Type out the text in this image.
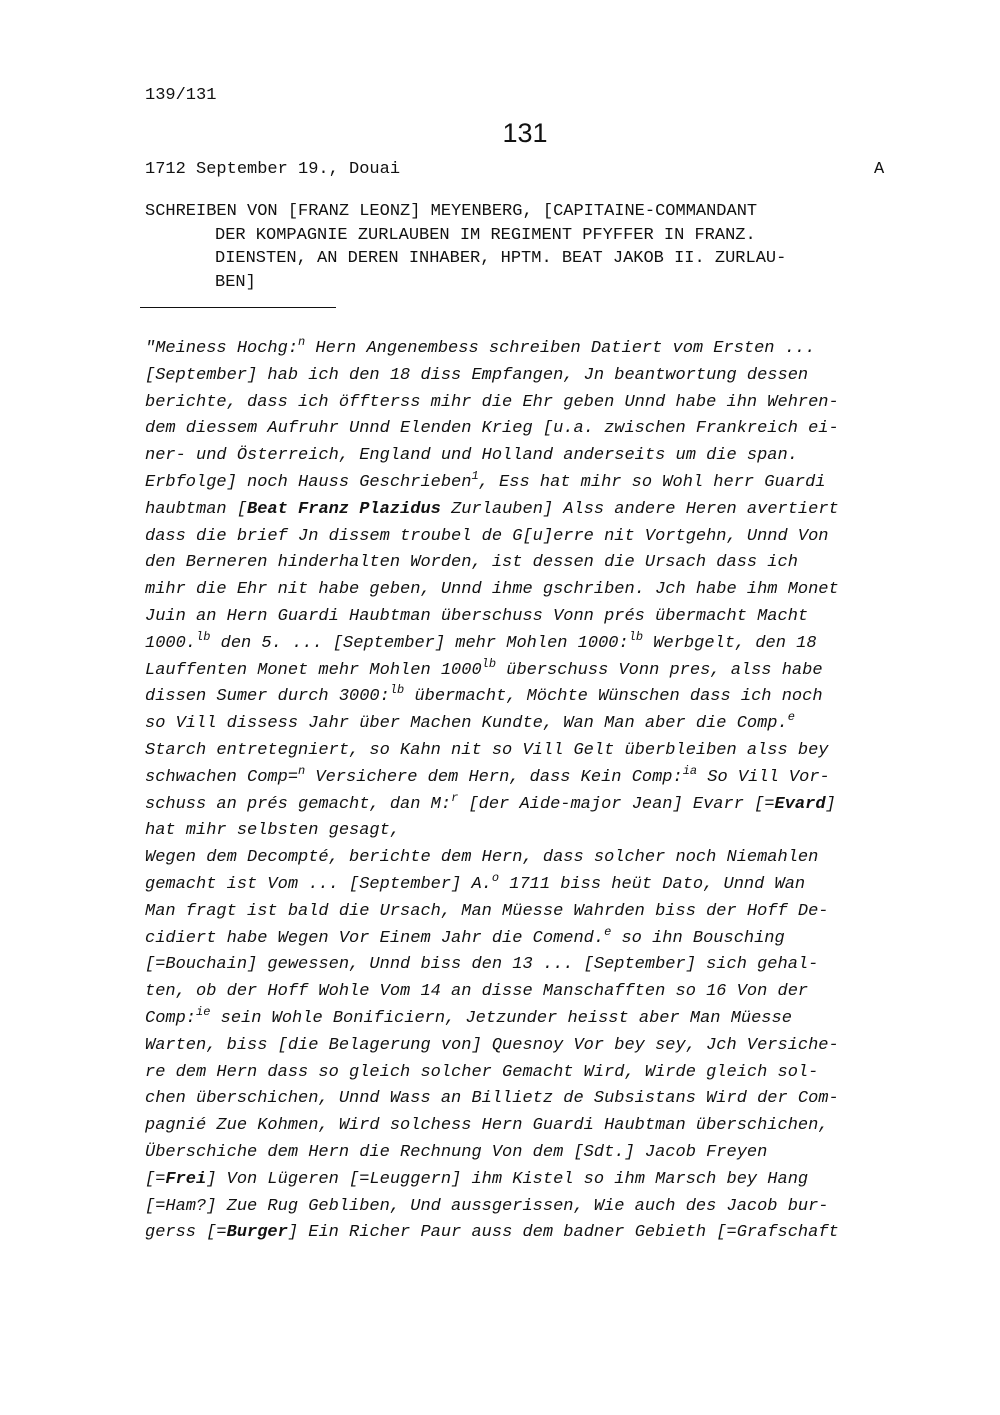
139/131
131
1712 September 19., Douai	A
SCHREIBEN VON [FRANZ LEONZ] MEYENBERG, [CAPITAINE-COMMANDANT
DER KOMPAGNIE ZURLAUBEN IM REGIMENT PFYFFER IN FRANZ.
DIENSTEN, AN DEREN INHABER, HPTM. BEAT JAKOB II. ZURLAU-
BEN]
"Meiness Hochg:$^n$ Hern Angenembess schreiben Datiert vom Ersten ...
[September] hab ich den 18 diss Empfangen, Jn beantwortung dessen
berichte, dass ich öffterss mihr die Ehr geben Unnd habe ihn Wehren-
dem diessem Aufruhr Unnd Elenden Krieg [u.a. zwischen Frankreich ei-
ner- und Österreich, England und Holland anderseits um die span.
Erbfolge] noch Hauss Geschrieben$^1$, Ess hat mihr so Wohl herr Guardi
haubtman [Beat Franz Plazidus Zurlauben] Alss andere Heren avertiert
dass die brief Jn dissem troubel de G[u]erre nit Vortgehn, Unnd Von
den Berneren hinderhalten Worden, ist dessen die Ursach dass ich
mihr die Ehr nit habe geben, Unnd ihme gschriben. Jch habe ihm Monet
Juin an Hern Guardi Haubtman überschuss Vonn prés übermacht Macht
1000.$^{lb}$ den 5. ... [September] mehr Mohlen 1000:$^{lb}$ Werbgelt, den 18
Lauffenten Monet mehr Mohlen $1000^{lb}$ überschuss Vonn pres, alss habe
dissen Sumer durch 3000:$^{lb}$ übermacht, Möchte Wünschen dass ich noch
so Vill dissess Jahr über Machen Kundte, Wan Man aber die Comp.$^e$
Starch entretegniert, so Kahn nit so Vill Gelt überbleiben alss bey
schwachen Comp=$^n$ Versichere dem Hern, dass Kein Comp:$^{ia}$ So Vill Vor-
schuss an prés gemacht, dan M:$^r$ [der Aide-major Jean] Evarr [=Evard]
hat mihr selbsten gesagt,
Wegen dem Decompté, berichte dem Hern, dass solcher noch Niemahlen
gemacht ist Vom ... [September] A.$^o$ 1711 biss heüt Dato, Unnd Wan
Man fragt ist bald die Ursach, Man Müesse Wahrden biss der Hoff De-
cidiert habe Wegen Vor Einem Jahr die Comend.$^e$ so ihn Bousching
[=Bouchain] gewessen, Unnd biss den 13 ... [September] sich gehal-
ten, ob der Hoff Wohle Vom 14 an disse Manschafften so 16 Von der
Comp:$^{ie}$ sein Wohle Bonificiern, Jetzunder heisst aber Man Müesse
Warten, biss [die Belagerung von] Quesnoy Vor bey sey, Jch Versiche-
re dem Hern dass so gleich solcher Gemacht Wird, Wirde gleich sol-
chen überschichen, Unnd Wass an Billietz de Subsistans Wird der Com-
pagnié Zue Kohmen, Wird solchess Hern Guardi Haubtman überschichen,
Überschiche dem Hern die Rechnung Von dem [Sdt.] Jacob Freyen
[=Frei] Von Lügeren [=Leuggern] ihm Kistel so ihm Marsch bey Hang
[=Ham?] Zue Rug Gebliben, Und aussgerissen, Wie auch des Jacob bur-
gerss [=Burger] Ein Richer Paur auss dem badner Gebieth [=Grafschaft
